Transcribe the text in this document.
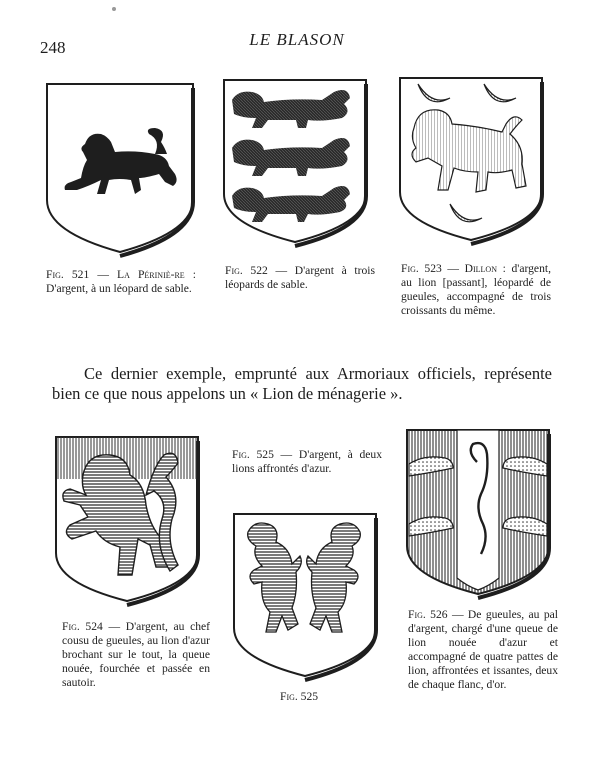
248	LE BLASON
Fig. 521 — La Périniè-re : D'argent, à un léopard de sable.
Fig. 522 — D'argent à trois léopards de sable.
Fig. 523 — Dillon : d'argent, au lion [passant], léopardé de gueules, accompagné de trois croissants du même.
Ce dernier exemple, emprunté aux Armoriaux officiels, représente bien ce que nous appelons un « Lion de ménagerie ».
Fig. 525 — D'argent, à deux lions affrontés d'azur.
Fig. 525
Fig. 524 — D'argent, au chef cousu de gueules, au lion d'azur brochant sur le tout, la queue nouée, fourchée et passée en sautoir.
Fig. 526 — De gueules, au pal d'argent, chargé d'une queue de lion nouée d'azur et accompagné de quatre pattes de lion, affrontées et issantes, deux de chaque flanc, d'or.
